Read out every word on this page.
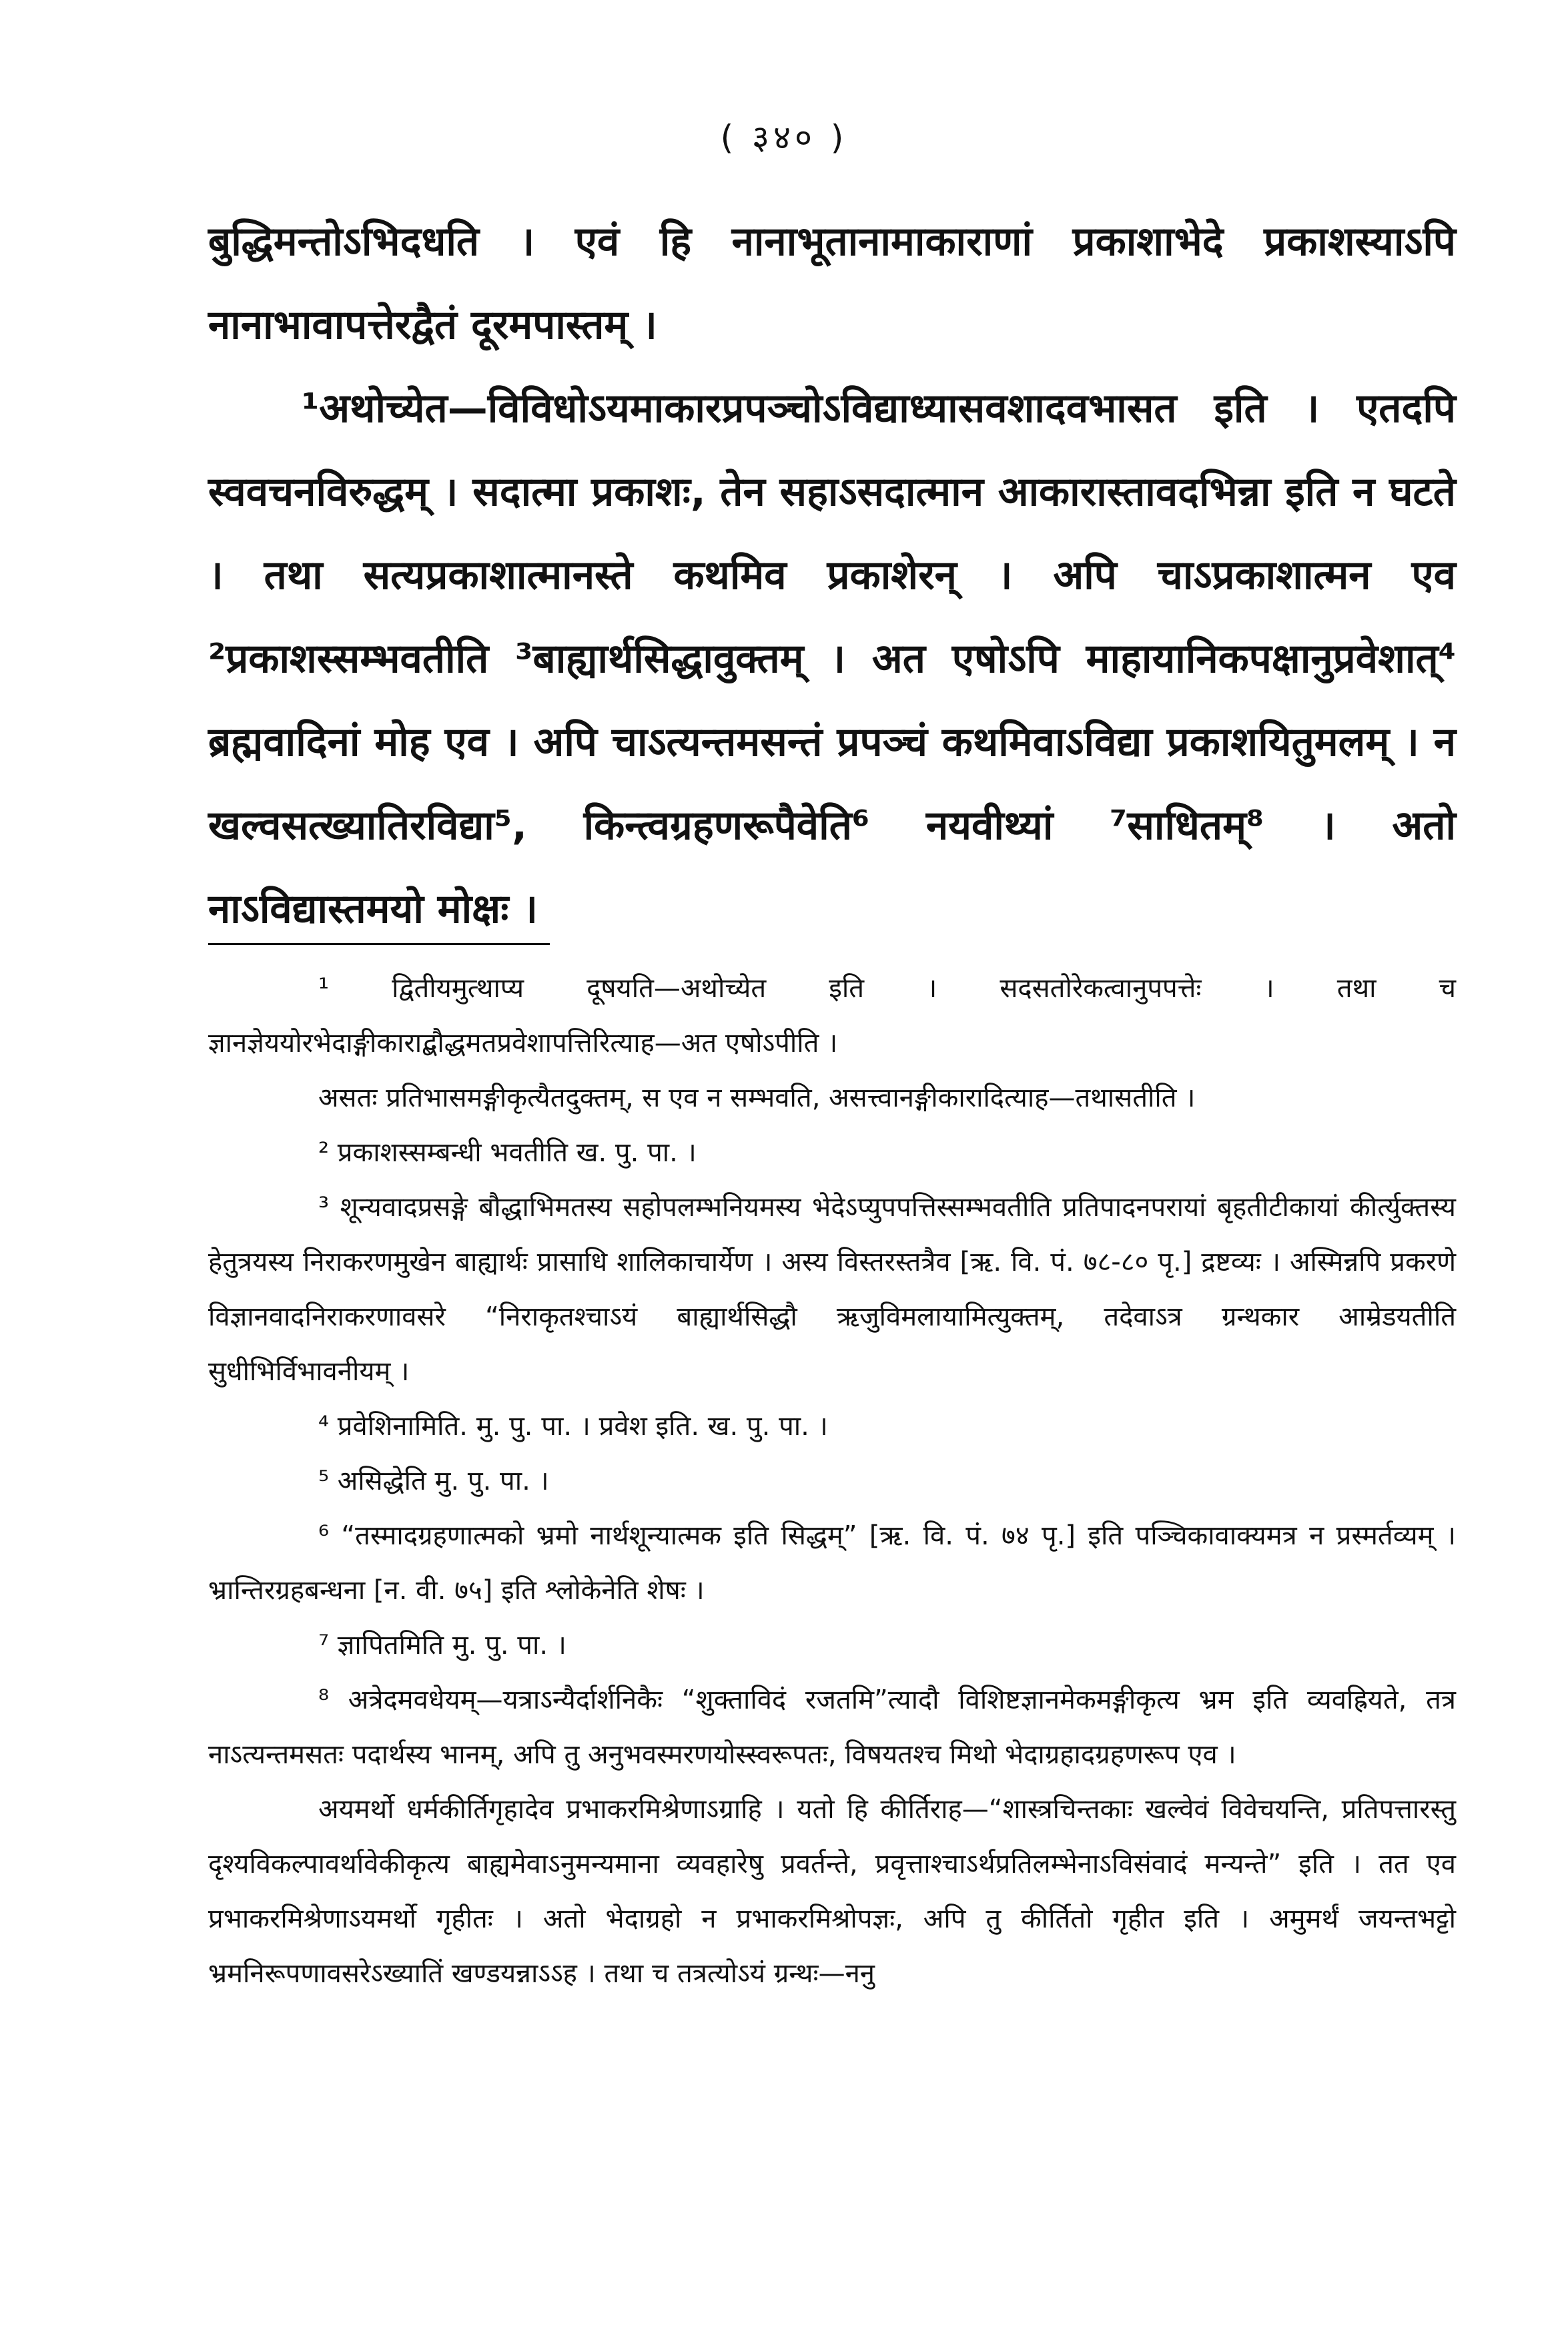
( ३४० )

बुद्धिमन्तोऽभिदधति । एवं हि नानाभूतानामाकाराणां प्रकाशाभेदे प्रकाशस्याऽपि नानाभावापत्तेरद्वैतं दूरमपास्तम् ।

¹अथोच्येत—विविधोऽयमाकारप्रपञ्चोऽविद्याध्यासवशादवभासत इति । एतदपि स्ववचनविरुद्धम् । सदात्मा प्रकाशः, तेन सहाऽसदात्मान आकारास्तावदभिन्ना इति न घटते । तथा सत्यप्रकाशात्मानस्ते कथमिव प्रकाशेरन् । अपि चाऽप्रकाशात्मन एव ²प्रकाशस्सम्भवतीति ³बाह्यार्थसिद्धावुक्तम् । अत एषोऽपि माहायानिकपक्षानुप्रवेशात्⁴ ब्रह्मवादिनां मोह एव । अपि चाऽत्यन्तमसन्तं प्रपञ्चं कथमिवाऽविद्या प्रकाशयितुमलम् । न खल्वसत्ख्यातिरविद्या⁵, किन्त्वग्रहणरूपैवेति⁶ नयवीथ्यां ⁷साधितम्⁸ । अतो नाऽविद्यास्तमयो मोक्षः ।

¹ द्वितीयमुत्थाप्य दूषयति—अथोच्येत इति । सदसतोरेकत्वानुपपत्तेः । तथा च ज्ञानज्ञेययोरभेदाङ्गीकाराद्बौद्धमतप्रवेशापत्तिरित्याह—अत एषोऽपीति ।

असतः प्रतिभासमङ्गीकृत्यैतदुक्तम्, स एव न सम्भवति, असत्त्वानङ्गीकारादित्याह—तथासतीति ।

² प्रकाशस्सम्बन्धी भवतीति ख. पु. पा. ।

³ शून्यवादप्रसङ्गे बौद्धाभिमतस्य सहोपलम्भनियमस्य भेदेऽप्युपपत्तिस्सम्भवतीति प्रतिपादनपरायां बृहतीटीकायां कीर्त्युक्तस्य हेतुत्रयस्य निराकरणमुखेन बाह्यार्थः प्रासाधि शालिकाचार्येण । अस्य विस्तरस्तत्रैव [ऋ. वि. पं. ७८-८० पृ.] द्रष्टव्यः । अस्मिन्नपि प्रकरणे विज्ञानवादनिराकरणावसरे “निराकृतश्चाऽयं बाह्यार्थसिद्धौ ऋजुविमलायामित्युक्तम्, तदेवाऽत्र ग्रन्थकार आम्रेडयतीति सुधीभिर्विभावनीयम् ।

⁴ प्रवेशिनामिति. मु. पु. पा. । प्रवेश इति. ख. पु. पा. ।

⁵ असिद्धेति मु. पु. पा. ।

⁶ “तस्मादग्रहणात्मको भ्रमो नार्थशून्यात्मक इति सिद्धम्” [ऋ. वि. पं. ७४ पृ.] इति पञ्चिकावाक्यमत्र न प्रस्मर्तव्यम् । भ्रान्तिरग्रहबन्धना [न. वी. ७५] इति श्लोकेनेति शेषः ।

⁷ ज्ञापितमिति मु. पु. पा. ।

⁸ अत्रेदमवधेयम्—यत्राऽन्यैर्दार्शनिकैः “शुक्ताविदं रजतमि”त्यादौ विशिष्टज्ञानमेकमङ्गीकृत्य भ्रम इति व्यवह्रियते, तत्र नाऽत्यन्तमसतः पदार्थस्य भानम्, अपि तु अनुभवस्मरणयोस्स्वरूपतः, विषयतश्च मिथो भेदाग्रहादग्रहणरूप एव ।

अयमर्थो धर्मकीर्तिगृहादेव प्रभाकरमिश्रेणाऽग्राहि । यतो हि कीर्तिराह—“शास्त्रचिन्तकाः खल्वेवं विवेचयन्ति, प्रतिपत्तारस्तु दृश्यविकल्पावर्थावेकीकृत्य बाह्यमेवाऽनुमन्यमाना व्यवहारेषु प्रवर्तन्ते, प्रवृत्ताश्चाऽर्थप्रतिलम्भेनाऽविसंवादं मन्यन्ते” इति । तत एव प्रभाकरमिश्रेणाऽयमर्थो गृहीतः । अतो भेदाग्रहो न प्रभाकरमिश्रोपज्ञः, अपि तु कीर्तितो गृहीत इति । अमुमर्थं जयन्तभट्टो भ्रमनिरूपणावसरेऽख्यातिं खण्डयन्नाऽऽह । तथा च तत्रत्योऽयं ग्रन्थः—ननु
